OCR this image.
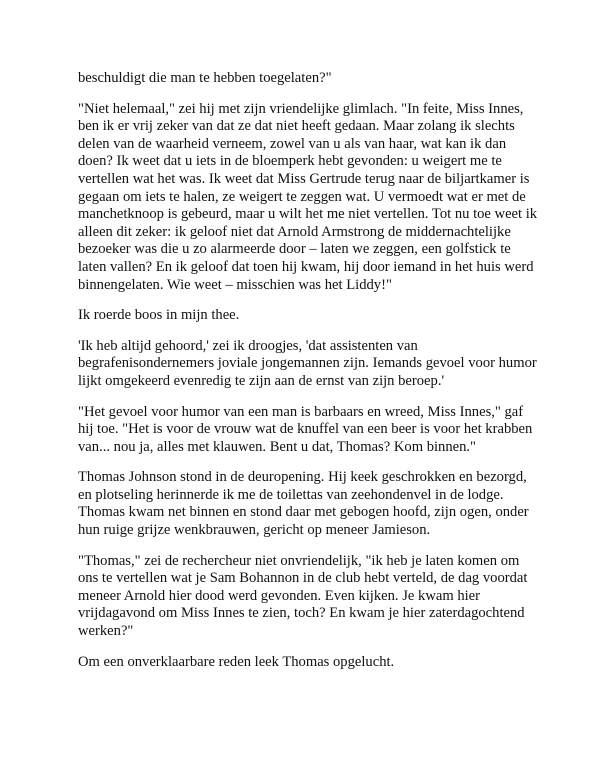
beschuldigt die man te hebben toegelaten?"

"Niet helemaal," zei hij met zijn vriendelijke glimlach. "In feite, Miss Innes, ben ik er vrij zeker van dat ze dat niet heeft gedaan. Maar zolang ik slechts delen van de waarheid verneem, zowel van u als van haar, wat kan ik dan doen? Ik weet dat u iets in de bloemperk hebt gevonden: u weigert me te vertellen wat het was. Ik weet dat Miss Gertrude terug naar de biljartkamer is gegaan om iets te halen, ze weigert te zeggen wat. U vermoedt wat er met de manchetknoop is gebeurd, maar u wilt het me niet vertellen. Tot nu toe weet ik alleen dit zeker: ik geloof niet dat Arnold Armstrong de middernachtelijke bezoeker was die u zo alarmeerde door – laten we zeggen, een golfstick te laten vallen? En ik geloof dat toen hij kwam, hij door iemand in het huis werd binnengelaten. Wie weet – misschien was het Liddy!"

Ik roerde boos in mijn thee.

'Ik heb altijd gehoord,' zei ik droogjes, 'dat assistenten van begrafenisondernemers joviale jongemannen zijn. Iemands gevoel voor humor lijkt omgekeerd evenredig te zijn aan de ernst van zijn beroep.'

"Het gevoel voor humor van een man is barbaars en wreed, Miss Innes," gaf hij toe. "Het is voor de vrouw wat de knuffel van een beer is voor het krabben van... nou ja, alles met klauwen. Bent u dat, Thomas? Kom binnen."

Thomas Johnson stond in de deuropening. Hij keek geschrokken en bezorgd, en plotseling herinnerde ik me de toilettas van zeehondenvel in de lodge. Thomas kwam net binnen en stond daar met gebogen hoofd, zijn ogen, onder hun ruige grijze wenkbrauwen, gericht op meneer Jamieson.

"Thomas," zei de rechercheur niet onvriendelijk, "ik heb je laten komen om ons te vertellen wat je Sam Bohannon in de club hebt verteld, de dag voordat meneer Arnold hier dood werd gevonden. Even kijken. Je kwam hier vrijdagavond om Miss Innes te zien, toch? En kwam je hier zaterdagochtend werken?"

Om een onverklaarbare reden leek Thomas opgelucht.
